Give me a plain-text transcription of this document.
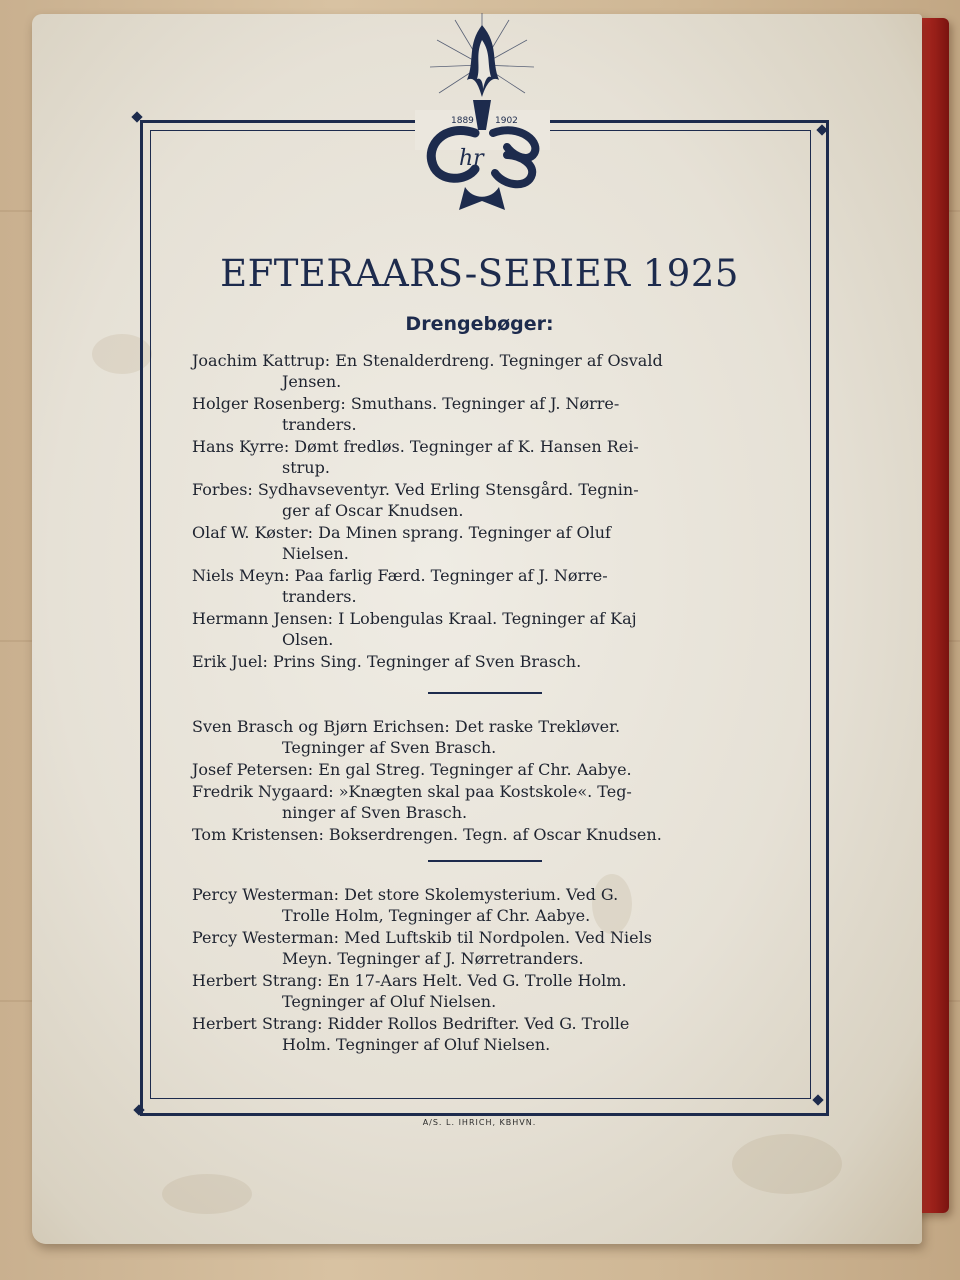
1889 1902
hr
EFTERAARS-SERIER 1925
Drengebøger:
Joachim Kattrup: En Stenalderdreng. Tegninger af Osvald
Jensen.
Holger Rosenberg: Smuthans. Tegninger af J. Nørre-
tranders.
Hans Kyrre: Dømt fredløs. Tegninger af K. Hansen Rei-
strup.
Forbes: Sydhavseventyr. Ved Erling Stensgård. Tegnin-
ger af Oscar Knudsen.
Olaf W. Køster: Da Minen sprang. Tegninger af Oluf
Nielsen.
Niels Meyn: Paa farlig Færd. Tegninger af J. Nørre-
tranders.
Hermann Jensen: I Lobengulas Kraal. Tegninger af Kaj
Olsen.
Erik Juel: Prins Sing. Tegninger af Sven Brasch.
Sven Brasch og Bjørn Erichsen: Det raske Trekløver.
Tegninger af Sven Brasch.
Josef Petersen: En gal Streg. Tegninger af Chr. Aabye.
Fredrik Nygaard: »Knægten skal paa Kostskole«. Teg-
ninger af Sven Brasch.
Tom Kristensen: Bokserdrengen. Tegn. af Oscar Knudsen.
Percy Westerman: Det store Skolemysterium. Ved G.
Trolle Holm, Tegninger af Chr. Aabye.
Percy Westerman: Med Luftskib til Nordpolen. Ved Niels
Meyn. Tegninger af J. Nørretranders.
Herbert Strang: En 17-Aars Helt. Ved G. Trolle Holm.
Tegninger af Oluf Nielsen.
Herbert Strang: Ridder Rollos Bedrifter. Ved G. Trolle
Holm. Tegninger af Oluf Nielsen.
A/S. L. IHRICH, KBHVN.
